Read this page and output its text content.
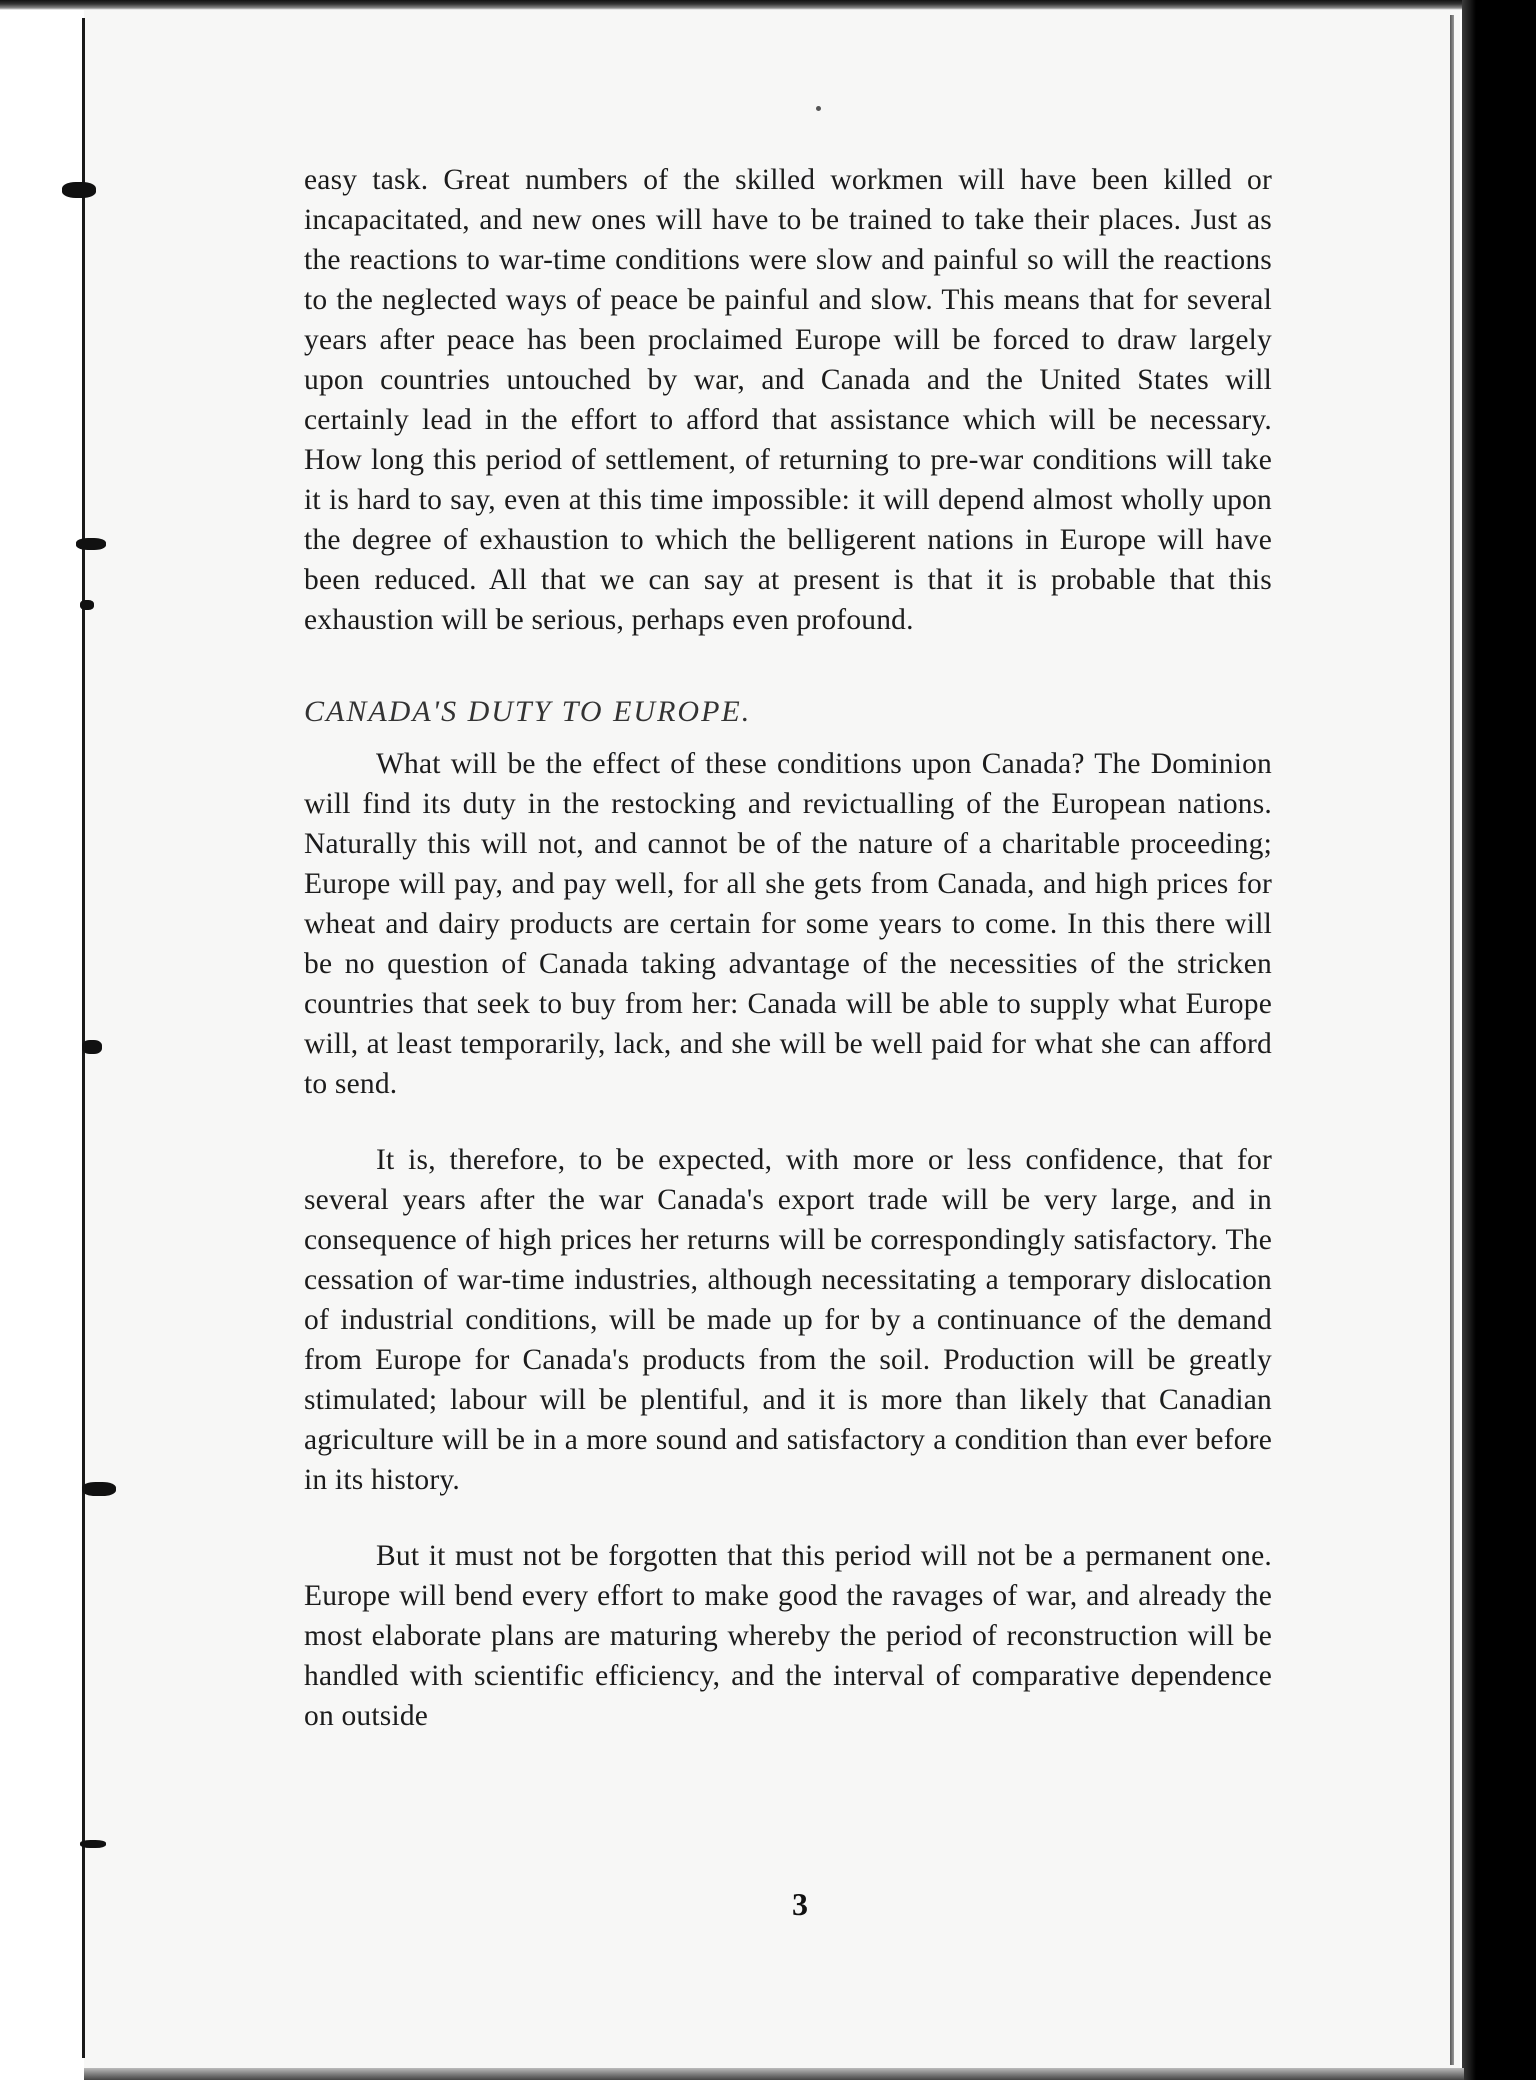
easy task. Great numbers of the skilled workmen will have been killed or incapacitated, and new ones will have to be trained to take their places. Just as the reactions to war-time conditions were slow and painful so will the reactions to the neglected ways of peace be painful and slow. This means that for several years after peace has been proclaimed Europe will be forced to draw largely upon countries untouched by war, and Canada and the United States will certainly lead in the effort to afford that assistance which will be necessary. How long this period of settlement, of returning to pre-war conditions will take it is hard to say, even at this time impossible: it will depend almost wholly upon the degree of exhaustion to which the belligerent nations in Europe will have been reduced. All that we can say at present is that it is probable that this exhaustion will be serious, perhaps even profound.

CANADA'S DUTY TO EUROPE.

What will be the effect of these conditions upon Canada? The Dominion will find its duty in the restocking and revictualling of the European nations. Naturally this will not, and cannot be of the nature of a charitable proceeding; Europe will pay, and pay well, for all she gets from Canada, and high prices for wheat and dairy products are certain for some years to come. In this there will be no question of Canada taking advantage of the necessities of the stricken countries that seek to buy from her: Canada will be able to supply what Europe will, at least temporarily, lack, and she will be well paid for what she can afford to send.

It is, therefore, to be expected, with more or less confidence, that for several years after the war Canada's export trade will be very large, and in consequence of high prices her returns will be correspondingly satisfactory. The cessation of war-time industries, although necessitating a temporary dislocation of industrial conditions, will be made up for by a continuance of the demand from Europe for Canada's products from the soil. Production will be greatly stimulated; labour will be plentiful, and it is more than likely that Canadian agriculture will be in a more sound and satisfactory a condition than ever before in its history.

But it must not be forgotten that this period will not be a permanent one. Europe will bend every effort to make good the ravages of war, and already the most elaborate plans are maturing whereby the period of reconstruction will be handled with scientific efficiency, and the interval of comparative dependence on outside

3
